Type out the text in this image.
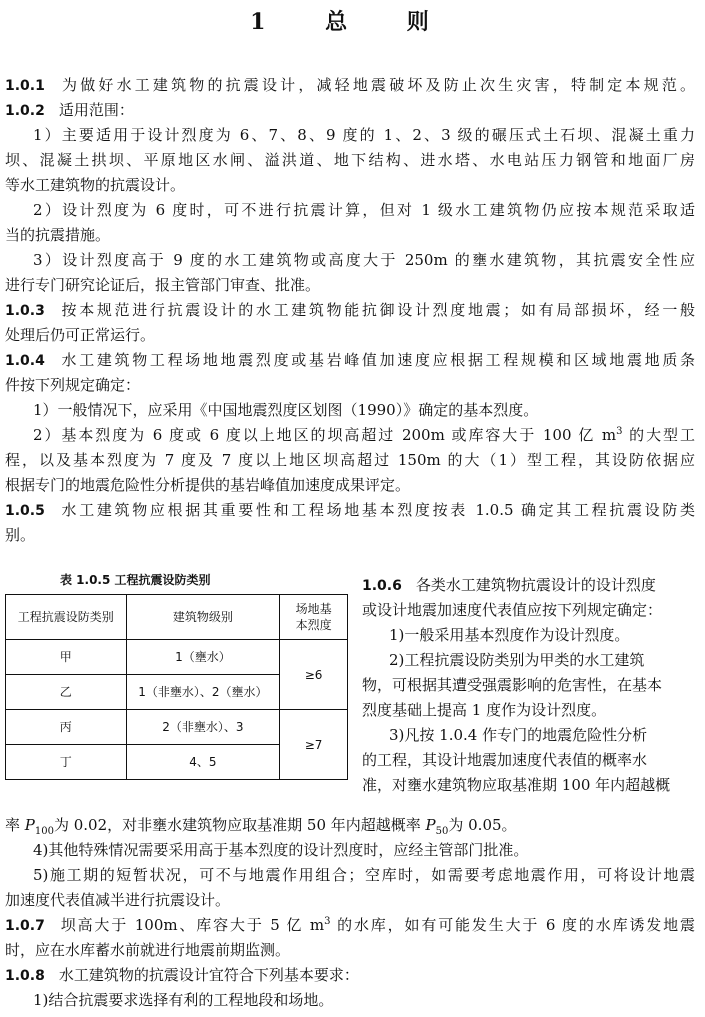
1 总 则
1.0.1 为做好水工建筑物的抗震设计，减轻地震破坏及防止次生灾害，特制定本规范。
1.0.2 适用范围：
1）主要适用于设计烈度为 6、7、8、9 度的 1、2、3 级的碾压式土石坝、混凝土重力
坝、混凝土拱坝、平原地区水闸、溢洪道、地下结构、进水塔、水电站压力钢管和地面厂房
等水工建筑物的抗震设计。
2）设计烈度为 6 度时，可不进行抗震计算，但对 1 级水工建筑物仍应按本规范采取适
当的抗震措施。
3）设计烈度高于 9 度的水工建筑物或高度大于 250m 的壅水建筑物，其抗震安全性应
进行专门研究论证后，报主管部门审查、批准。
1.0.3 按本规范进行抗震设计的水工建筑物能抗御设计烈度地震；如有局部损坏，经一般
处理后仍可正常运行。
1.0.4 水工建筑物工程场地地震烈度或基岩峰值加速度应根据工程规模和区域地震地质条
件按下列规定确定：
1）一般情况下，应采用《中国地震烈度区划图（1990）》确定的基本烈度。
2）基本烈度为 6 度或 6 度以上地区的坝高超过 200m 或库容大于 100 亿 $m^3$ 的大型工
程，以及基本烈度为 7 度及 7 度以上地区坝高超过 150m 的大（1）型工程，其设防依据应
根据专门的地震危险性分析提供的基岩峰值加速度成果评定。
1.0.5 水工建筑物应根据其重要性和工程场地基本烈度按表 1.0.5 确定其工程抗震设防类
别。
表 1.0.5 工程抗震设防类别
工程抗震设防类别	建筑物级别	场地基
本烈度
甲	1（壅水）	≥6
乙	1（非壅水）、2（壅水）	
丙	2（非壅水）、3	≥7
丁	4、5	
1.0.6 各类水工建筑物抗震设计的设计烈度
或设计地震加速度代表值应按下列规定确定：
1)一般采用基本烈度作为设计烈度。
2)工程抗震设防类别为甲类的水工建筑
物，可根据其遭受强震影响的危害性，在基本
烈度基础上提高 1 度作为设计烈度。
3)凡按 1.0.4 作专门的地震危险性分析
的工程，其设计地震加速度代表值的概率水
准，对壅水建筑物应取基准期 100 年内超越概
率 $P_{100}$为 0.02，对非壅水建筑物应取基准期 50 年内超越概率 $P_{50}$为 0.05。
4)其他特殊情况需要采用高于基本烈度的设计烈度时，应经主管部门批准。
5)施工期的短暂状况，可不与地震作用组合；空库时，如需要考虑地震作用，可将设计地震
加速度代表值减半进行抗震设计。
1.0.7 坝高大于 100m、库容大于 5 亿 $m^3$ 的水库，如有可能发生大于 6 度的水库诱发地震
时，应在水库蓄水前就进行地震前期监测。
1.0.8 水工建筑物的抗震设计宜符合下列基本要求：
1)结合抗震要求选择有利的工程地段和场地。
